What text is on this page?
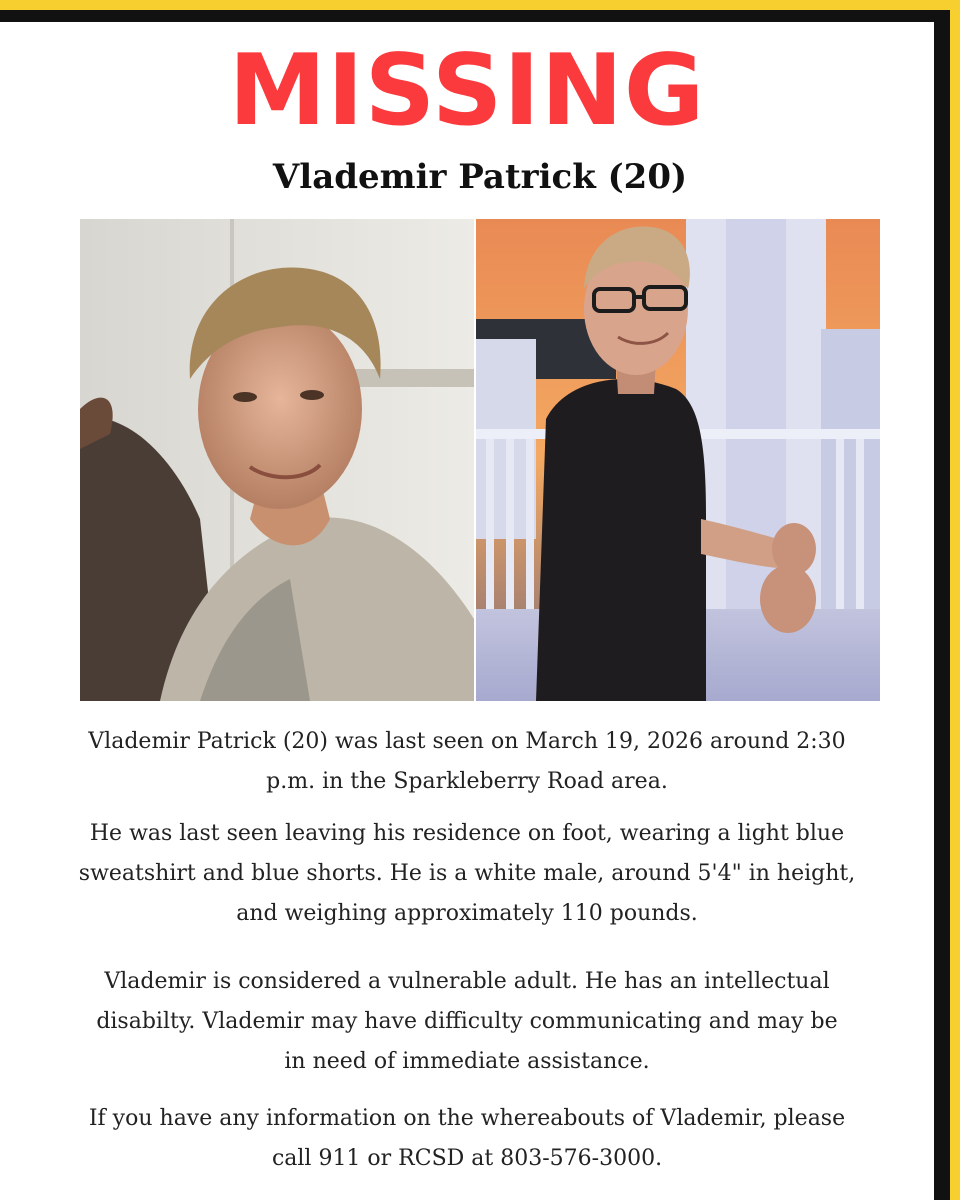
MISSING
Vlademir Patrick (20)

Vlademir Patrick (20) was last seen on March 19, 2026 around 2:30
p.m. in the Sparkleberry Road area.

He was last seen leaving his residence on foot, wearing a light blue
sweatshirt and blue shorts. He is a white male, around 5'4" in height,
and weighing approximately 110 pounds.

Vlademir is considered a vulnerable adult. He has an intellectual
disabilty. Vlademir may have difficulty communicating and may be
in need of immediate assistance.

If you have any information on the whereabouts of Vlademir, please
call 911 or RCSD at 803-576-3000.
